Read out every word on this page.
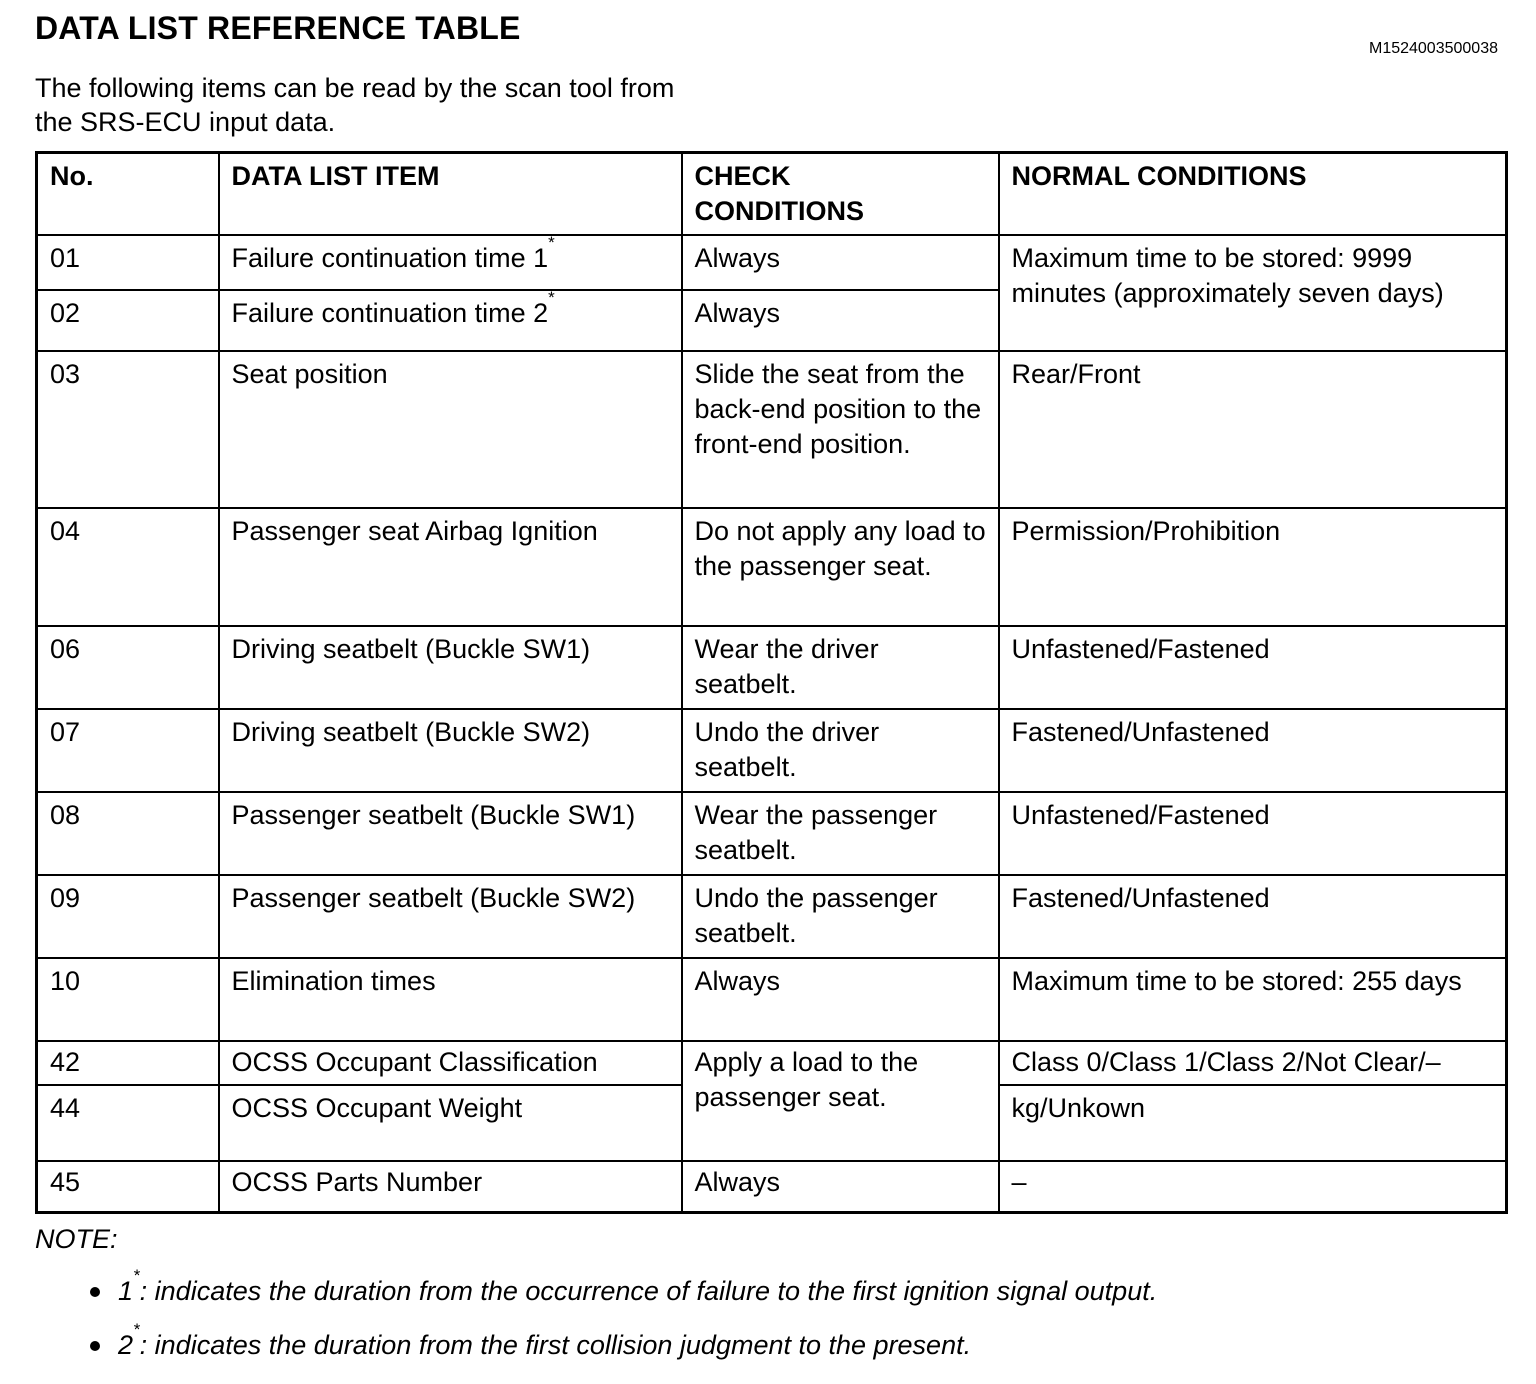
DATA LIST REFERENCE TABLE
M1524003500038

The following items can be read by the scan tool from the SRS-ECU input data.

No.	DATA LIST ITEM	CHECK CONDITIONS	NORMAL CONDITIONS
01	Failure continuation time 1*	Always	Maximum time to be stored: 9999 minutes (approximately seven days)
02	Failure continuation time 2*	Always	
03	Seat position	Slide the seat from the back-end position to the front-end position.	Rear/Front
04	Passenger seat Airbag Ignition	Do not apply any load to the passenger seat.	Permission/Prohibition
06	Driving seatbelt (Buckle SW1)	Wear the driver seatbelt.	Unfastened/Fastened
07	Driving seatbelt (Buckle SW2)	Undo the driver seatbelt.	Fastened/Unfastened
08	Passenger seatbelt (Buckle SW1)	Wear the passenger seatbelt.	Unfastened/Fastened
09	Passenger seatbelt (Buckle SW2)	Undo the passenger seatbelt.	Fastened/Unfastened
10	Elimination times	Always	Maximum time to be stored: 255 days
42	OCSS Occupant Classification	Apply a load to the passenger seat.	Class 0/Class 1/Class 2/Not Clear/–
44	OCSS Occupant Weight		kg/Unkown
45	OCSS Parts Number	Always	–
NOTE:
1*: indicates the duration from the occurrence of failure to the first ignition signal output.
2*: indicates the duration from the first collision judgment to the present.
